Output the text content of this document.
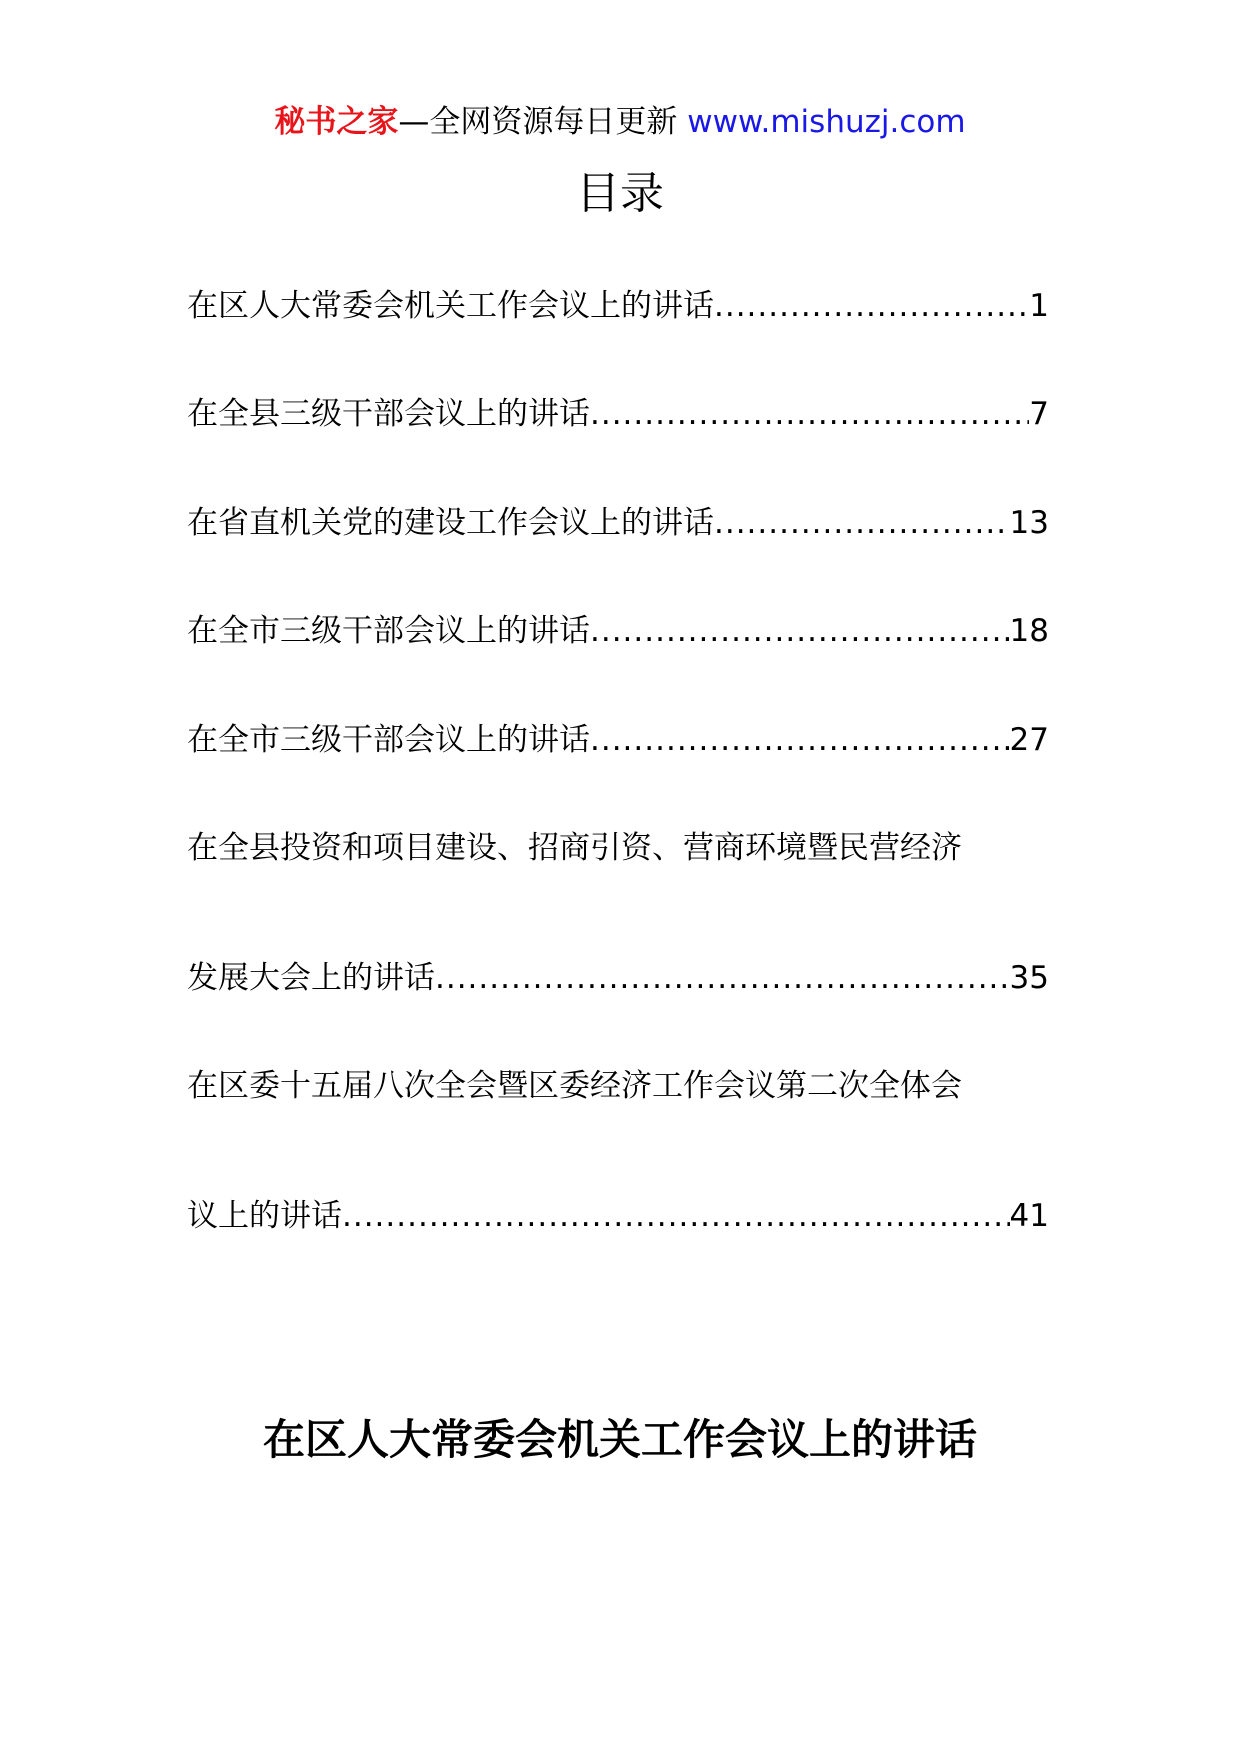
秘书之家—全网资源每日更新 www.mishuzj.com
目录
在区人大常委会机关工作会议上的讲话 .....	1
在全县三级干部会议上的讲话 .....	7
在省直机关党的建设工作会议上的讲话 .....	13
在全市三级干部会议上的讲话 .....	18
在全市三级干部会议上的讲话 .....	27
在全县投资和项目建设、招商引资、营商环境暨民营经济
发展大会上的讲话 .....	35
在区委十五届八次全会暨区委经济工作会议第二次全体会
议上的讲话 .....	41
在区人大常委会机关工作会议上的讲话
